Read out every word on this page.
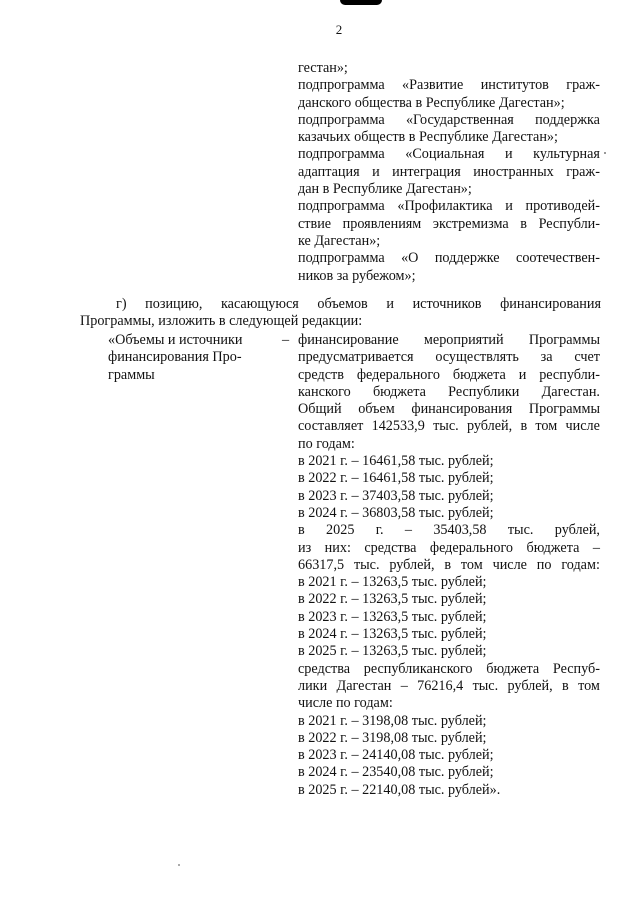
2
гестан»;
подпрограмма «Развитие институтов граж-
данского общества в Республике Дагестан»;
подпрограмма «Государственная поддержка
казачьих обществ в Республике Дагестан»;
подпрограмма «Социальная и культурная
адаптация и интеграция иностранных граж-
дан в Республике Дагестан»;
подпрограмма «Профилактика и противодей-
ствие проявлениям экстремизма в Республи-
ке Дагестан»;
подпрограмма «О поддержке соотечествен-
ников за рубежом»;
г) позицию, касающуюся объемов и источников финансирования
Программы, изложить в следующей редакции:
«Объемы и источники
финансирования Про-
граммы
– финансирование мероприятий Программы
предусматривается осуществлять за счет
средств федерального бюджета и республи-
канского бюджета Республики Дагестан.
Общий объем финансирования Программы
составляет 142533,9 тыс. рублей, в том числе
по годам:
в 2021 г. – 16461,58 тыс. рублей;
в 2022 г. – 16461,58 тыс. рублей;
в 2023 г. – 37403,58 тыс. рублей;
в 2024 г. – 36803,58 тыс. рублей;
в 2025 г. – 35403,58 тыс. рублей,
из них: средства федерального бюджета –
66317,5 тыс. рублей, в том числе по годам:
в 2021 г. – 13263,5 тыс. рублей;
в 2022 г. – 13263,5 тыс. рублей;
в 2023 г. – 13263,5 тыс. рублей;
в 2024 г. – 13263,5 тыс. рублей;
в 2025 г. – 13263,5 тыс. рублей;
средства республиканского бюджета Респуб-
лики Дагестан – 76216,4 тыс. рублей, в том
числе по годам:
в 2021 г. – 3198,08 тыс. рублей;
в 2022 г. – 3198,08 тыс. рублей;
в 2023 г. – 24140,08 тыс. рублей;
в 2024 г. – 23540,08 тыс. рублей;
в 2025 г. – 22140,08 тыс. рублей».
